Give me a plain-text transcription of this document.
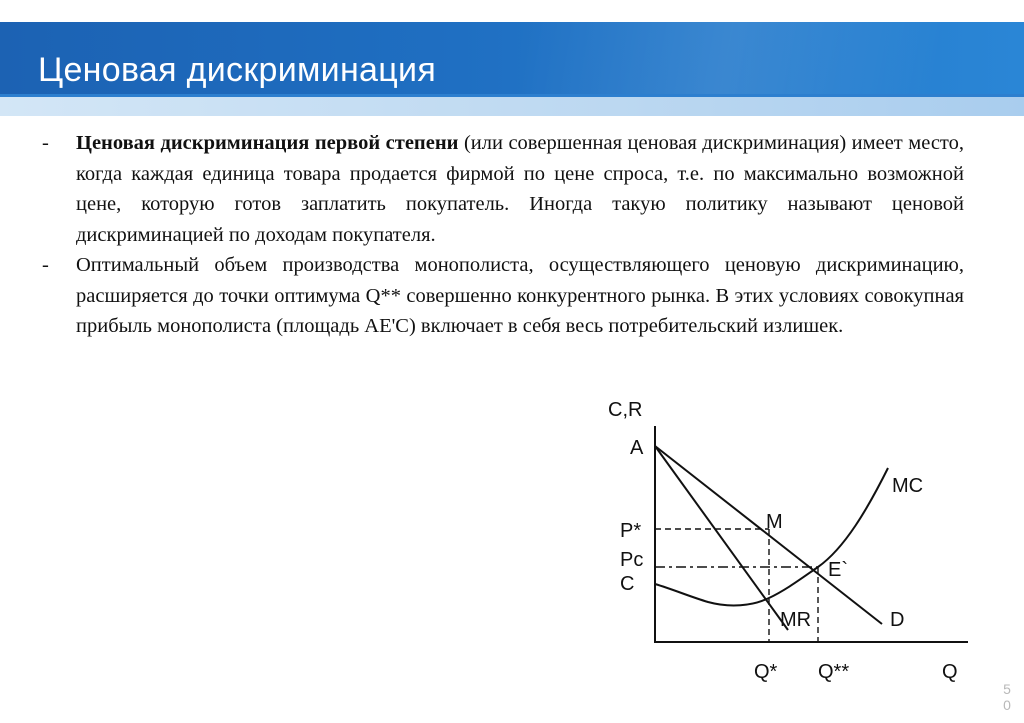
Ценовая дискриминация

- Ценовая дискриминация первой степени (или совершенная ценовая дискриминация) имеет место, когда каждая единица товара продается фирмой по цене спроса, т.е. по максимально возможной цене, которую готов заплатить покупатель. Иногда такую политику называют ценовой дискриминацией по доходам покупателя.

- Оптимальный объем производства монополиста, осуществляющего ценовую дискриминацию, расширяется до точки оптимума Q** совершенно конкурентного рынка. В этих условиях совокупная прибыль монополиста (площадь AE'C) включает в себя весь потребительский излишек.

C,R
Q
A
P*
Pc
C
Q* Q**
M
E`
MC
D
MR
50
